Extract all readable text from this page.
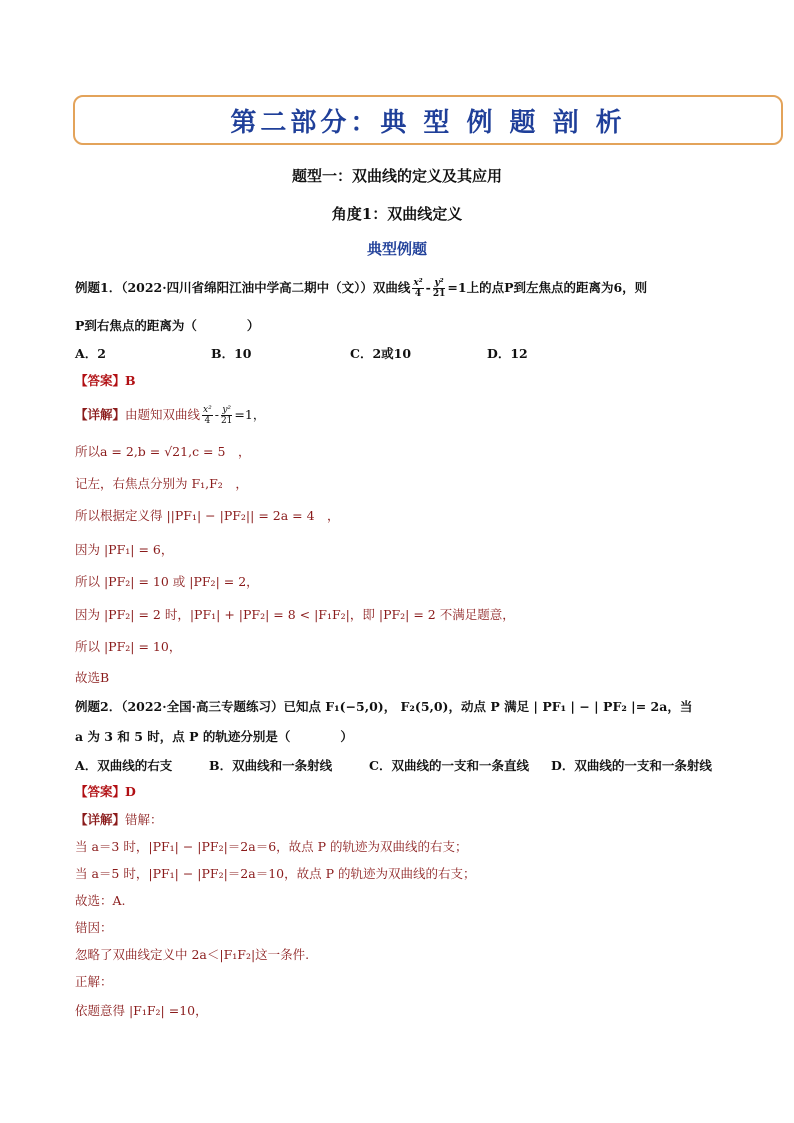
第二部分：典 型 例 题 剖 析
题型一：双曲线的定义及其应用
角度1：双曲线定义
典型例题
例题1．（2022·四川省绵阳江油中学高二期中（文））双曲线 $\frac{\text{x²}}{4} - \frac{\text{y²}}{21} =1$上的点P到左焦点的距离为6，则
P到右焦点的距离为（　　　　）
A．2	B．10	C．2或10	D．12
【答案】B
【详解】由题知双曲线 $\frac{\text{x²}}{4} - \frac{\text{y²}}{21} =1$，
所以a = 2,b = √21,c = 5　，
记左，右焦点分别为 F₁,F₂　，
所以根据定义得 ||PF₁| − |PF₂|| = 2a = 4　，
因为 |PF₁| = 6，
所以 |PF₂| = 10 或 |PF₂| = 2，
因为 |PF₂| = 2 时，|PF₁| + |PF₂| = 8 < |F₁F₂|，即 |PF₂| = 2 不满足题意，
所以 |PF₂| = 10，
故选B
例题2．（2022·全国·高三专题练习）已知点 F₁(−5,0)， F₂(5,0)，动点 P 满足 | PF₁ | − | PF₂ |= 2a，当
a 为 3 和 5 时，点 P 的轨迹分别是（　　　　）
A．双曲线的右支	B．双曲线和一条射线	C．双曲线的一支和一条直线 D．双曲线的一支和一条射线
【答案】D
【详解】错解：
当 a＝3 时，|PF₁| − |PF₂|＝2a＝6，故点 P 的轨迹为双曲线的右支；
当 a＝5 时，|PF₁| − |PF₂|＝2a＝10，故点 P 的轨迹为双曲线的右支；
故选：A.
错因：
忽略了双曲线定义中 2a＜|F₁F₂|这一条件.
正解：
依题意得 |F₁F₂| =10，
